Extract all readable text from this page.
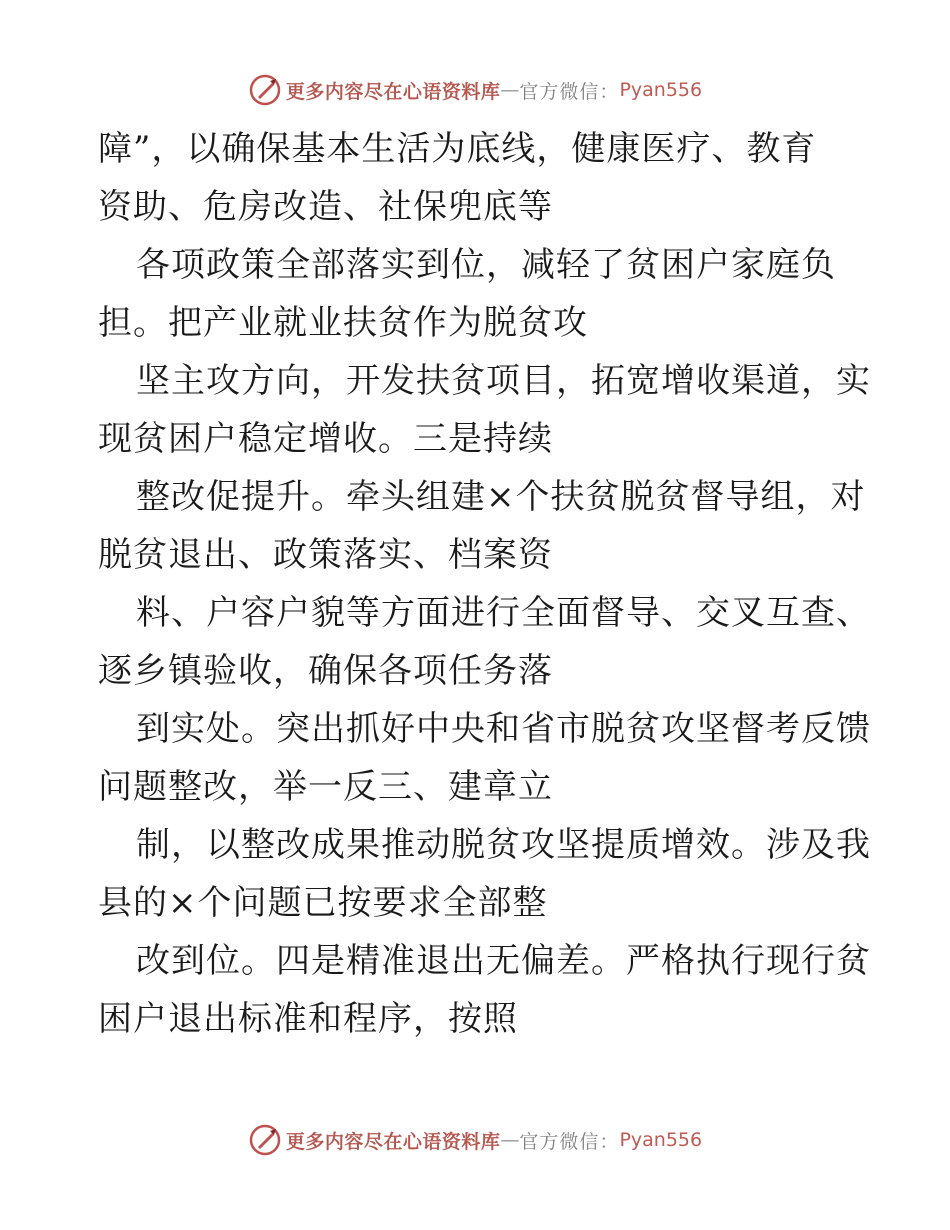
更多内容尽在心语资料库 — 官方微信： Pyan556
障”，以确保基本生活为底线，健康医疗、教育
资助、危房改造、社保兜底等
各项政策全部落实到位，减轻了贫困户家庭负
担。把产业就业扶贫作为脱贫攻
坚主攻方向，开发扶贫项目，拓宽增收渠道，实
现贫困户稳定增收。三是持续
整改促提升。牵头组建×个扶贫脱贫督导组，对
脱贫退出、政策落实、档案资
料、户容户貌等方面进行全面督导、交叉互查、
逐乡镇验收，确保各项任务落
到实处。突出抓好中央和省市脱贫攻坚督考反馈
问题整改，举一反三、建章立
制，以整改成果推动脱贫攻坚提质增效。涉及我
县的×个问题已按要求全部整
改到位。四是精准退出无偏差。严格执行现行贫
困户退出标准和程序，按照
更多内容尽在心语资料库 — 官方微信： Pyan556
